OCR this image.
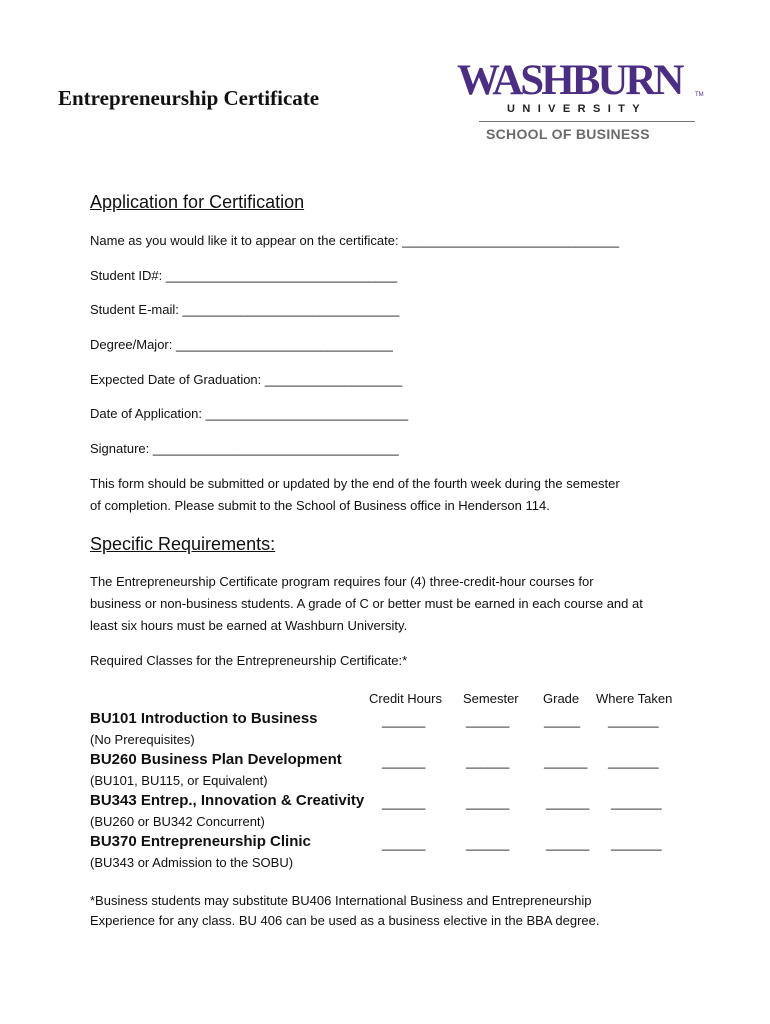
Entrepreneurship Certificate	WASHBURN TM
UNIVERSITY
SCHOOL OF BUSINESS
Application for Certification
Name as you would like it to appear on the certificate: ______________________________
Student ID#: ________________________________
Student E-mail: ______________________________
Degree/Major: ______________________________
Expected Date of Graduation: ___________________
Date of Application: ____________________________
Signature: __________________________________
This form should be submitted or updated by the end of the fourth week during the semester
of completion. Please submit to the School of Business office in Henderson 114.
Specific Requirements:
The Entrepreneurship Certificate program requires four (4) three-credit-hour courses for
business or non-business students. A grade of C or better must be earned in each course and at
least six hours must be earned at Washburn University.
Required Classes for the Entrepreneurship Certificate:*
Credit Hours Semester Grade Where Taken
BU101 Introduction to Business
(No Prerequisites)
______	______	_____ _______
BU260 Business Plan Development
(BU101, BU115, or Equivalent)
______	______	______ _______
BU343 Entrep., Innovation & Creativity
(BU260 or BU342 Concurrent)
______	______	______ _______
BU370 Entrepreneurship Clinic
(BU343 or Admission to the SOBU)
______	______	______ _______
*Business students may substitute BU406 International Business and Entrepreneurship
Experience for any class. BU 406 can be used as a business elective in the BBA degree.
